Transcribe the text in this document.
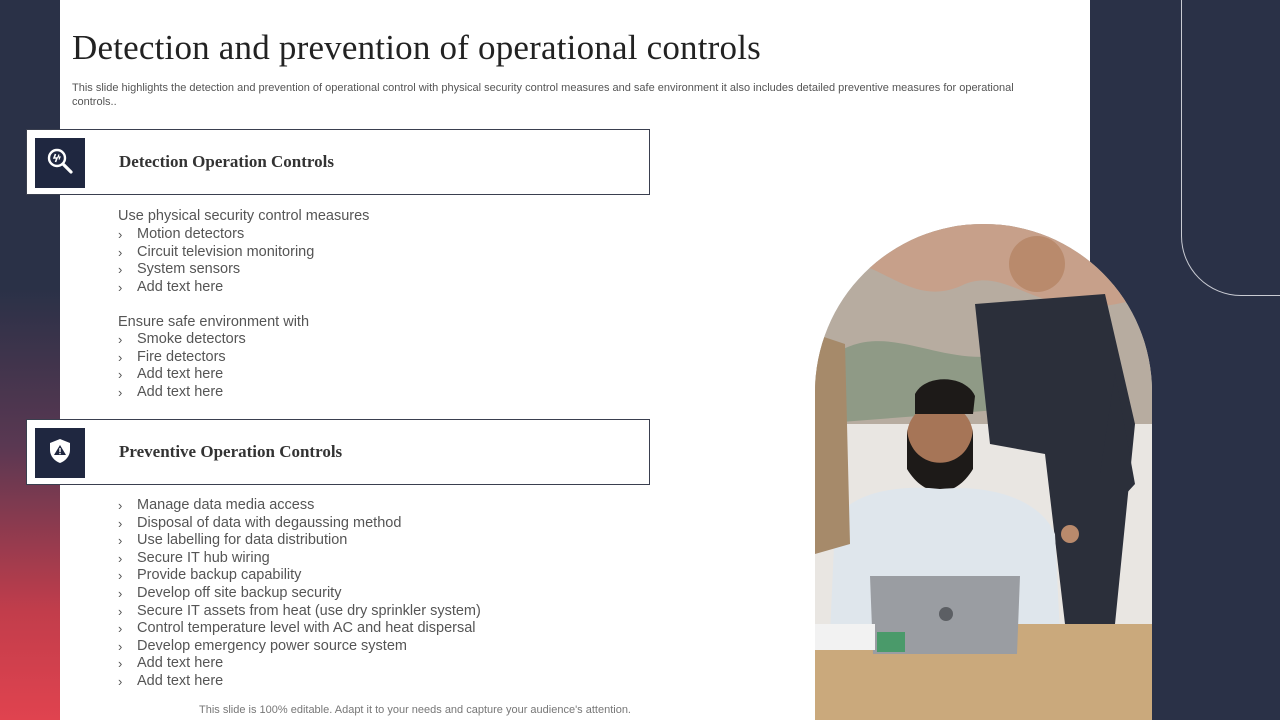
Detection and prevention of operational controls

This slide highlights the detection and prevention of operational control with physical security control measures and safe environment it also includes detailed preventive measures for operational controls..

Detection Operation Controls
Use physical security control measures
› Motion detectors
› Circuit television monitoring
› System sensors
› Add text here
Ensure safe environment with
› Smoke detectors
› Fire detectors
› Add text here
› Add text here
Preventive Operation Controls
› Manage data media access
› Disposal of data with degaussing method
› Use labelling for data distribution
› Secure IT hub wiring
› Provide backup capability
› Develop off site backup security
› Secure IT assets from heat (use dry sprinkler system)
› Control temperature level with AC and heat dispersal
› Develop emergency power source system
› Add text here
› Add text here
This slide is 100% editable. Adapt it to your needs and capture your audience's attention.
